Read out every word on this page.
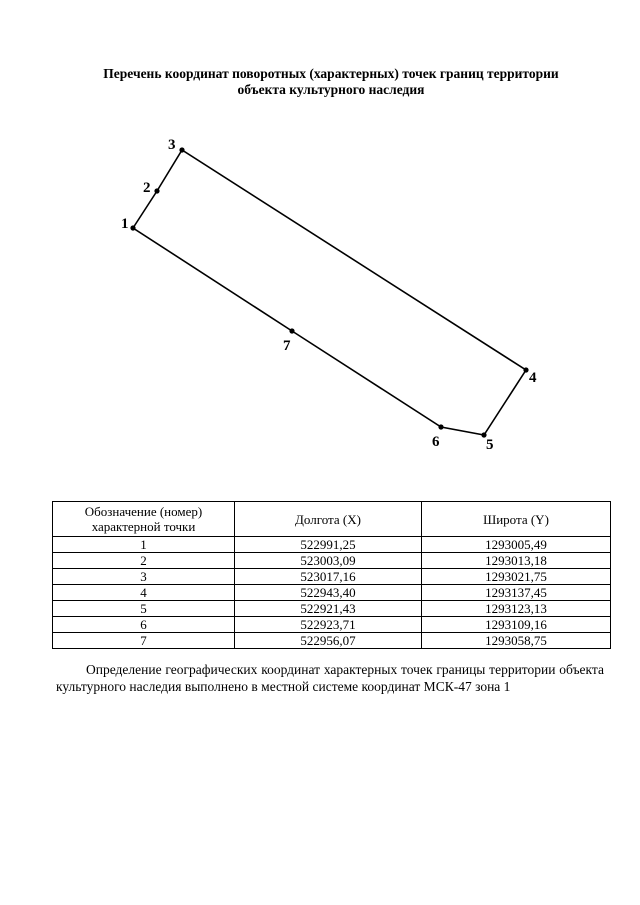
Перечень координат поворотных (характерных) точек границ территории
объекта культурного наследия
1
2
3
4
5
6
7
Обозначение (номер) характерной точки	Долгота (X)	Широта (Y)
1	522991,25	1293005,49
2	523003,09	1293013,18
3	523017,16	1293021,75
4	522943,40	1293137,45
5	522921,43	1293123,13
6	522923,71	1293109,16
7	522956,07	1293058,75
Определение географических координат характерных точек границы территории объекта культурного наследия выполнено в местной системе координат МСК-47 зона 1
